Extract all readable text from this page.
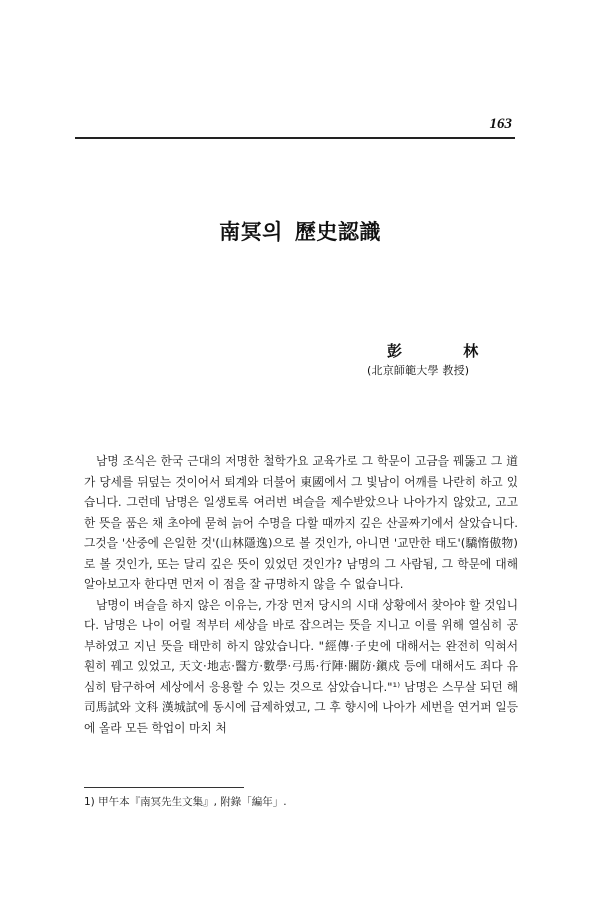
163
南冥의 歷史認識
彭 林
(北京師範大學 教授)

남명 조식은 한국 근대의 저명한 철학가요 교육가로 그 학문이 고금을 꿰뚫고 그 道가 당세를 뒤덮는 것이어서 퇴계와 더불어 東國에서 그 빛남이 어깨를 나란히 하고 있습니다. 그런데 남명은 일생토록 여러번 벼슬을 제수받았으나 나아가지 않았고, 고고한 뜻을 품은 채 초야에 묻혀 늙어 수명을 다할 때까지 깊은 산골짜기에서 살았습니다. 그것을 '산중에 은일한 것'(山林隱逸)으로 볼 것인가, 아니면 '교만한 태도'(驕惰傲物)로 볼 것인가, 또는 달리 깊은 뜻이 있었던 것인가? 남명의 그 사람됨, 그 학문에 대해 알아보고자 한다면 먼저 이 점을 잘 규명하지 않을 수 없습니다.

남명이 벼슬을 하지 않은 이유는, 가장 먼저 당시의 시대 상황에서 찾아야 할 것입니다. 남명은 나이 어릴 적부터 세상을 바로 잡으려는 뜻을 지니고 이를 위해 열심히 공부하였고 지닌 뜻을 태만히 하지 않았습니다. "經傳·子史에 대해서는 완전히 익혀서 훤히 꿰고 있었고, 天文·地志·醫方·數學·弓馬·行陣·關防·鎭戍 등에 대해서도 죄다 유심히 탐구하여 세상에서 응용할 수 있는 것으로 삼았습니다."¹⁾ 남명은 스무살 되던 해 司馬試와 文科 漢城試에 동시에 급제하였고, 그 후 향시에 나아가 세번을 연거퍼 일등에 올라 모든 학업이 마치 처

1) 甲午本『南冥先生文集』, 附錄「編年」.
